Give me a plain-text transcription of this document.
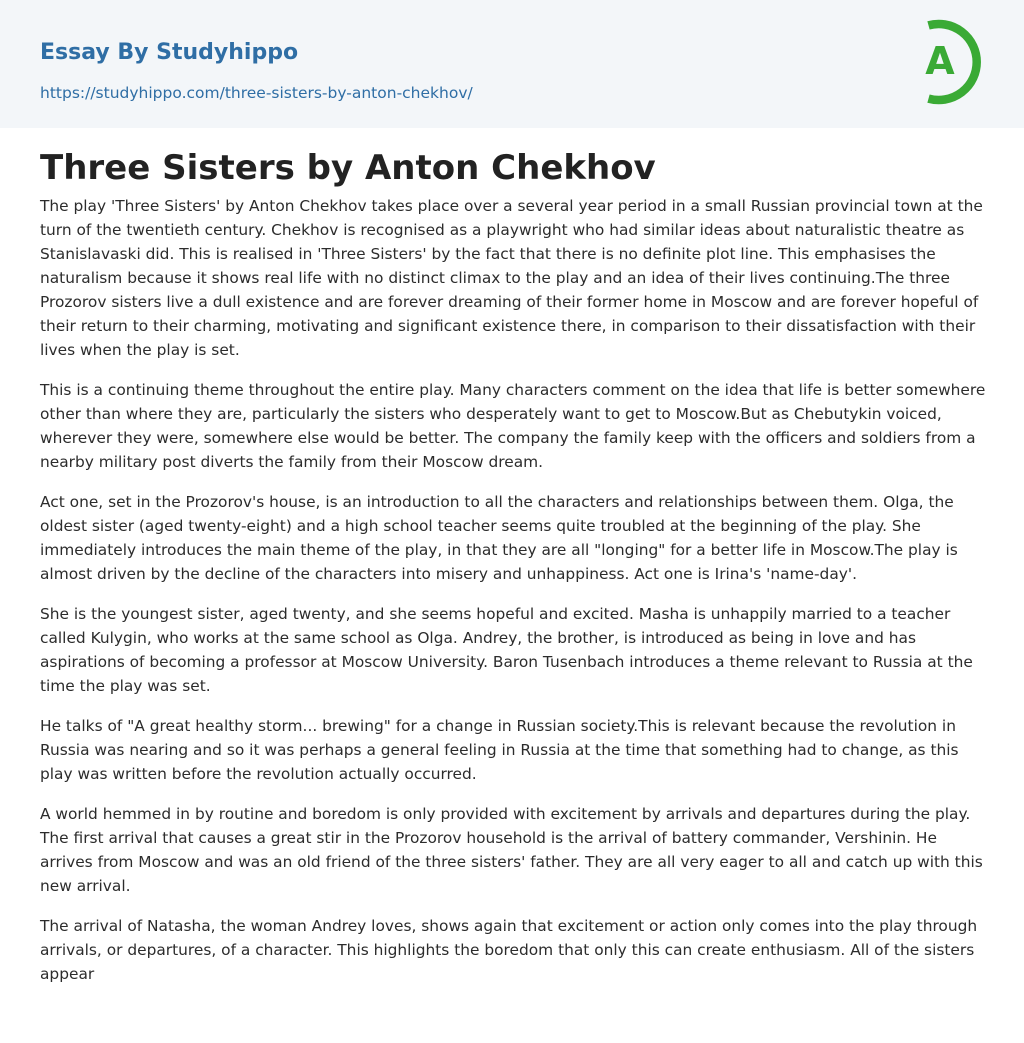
Essay By Studyhippo
https://studyhippo.com/three-sisters-by-anton-chekhov/
A
Three Sisters by Anton Chekhov

The play 'Three Sisters' by Anton Chekhov takes place over a several year period in a small Russian provincial town at the turn of the twentieth century. Chekhov is recognised as a playwright who had similar ideas about naturalistic theatre as Stanislavaski did. This is realised in 'Three Sisters' by the fact that there is no definite plot line. This emphasises the naturalism because it shows real life with no distinct climax to the play and an idea of their lives continuing.The three Prozorov sisters live a dull existence and are forever dreaming of their former home in Moscow and are forever hopeful of their return to their charming, motivating and significant existence there, in comparison to their dissatisfaction with their lives when the play is set.

This is a continuing theme throughout the entire play. Many characters comment on the idea that life is better somewhere other than where they are, particularly the sisters who desperately want to get to Moscow.But as Chebutykin voiced, wherever they were, somewhere else would be better. The company the family keep with the officers and soldiers from a nearby military post diverts the family from their Moscow dream.

Act one, set in the Prozorov's house, is an introduction to all the characters and relationships between them. Olga, the oldest sister (aged twenty-eight) and a high school teacher seems quite troubled at the beginning of the play. She immediately introduces the main theme of the play, in that they are all "longing" for a better life in Moscow.The play is almost driven by the decline of the characters into misery and unhappiness. Act one is Irina's 'name-day'.

She is the youngest sister, aged twenty, and she seems hopeful and excited. Masha is unhappily married to a teacher called Kulygin, who works at the same school as Olga. Andrey, the brother, is introduced as being in love and has aspirations of becoming a professor at Moscow University. Baron Tusenbach introduces a theme relevant to Russia at the time the play was set.

He talks of "A great healthy storm... brewing" for a change in Russian society.This is relevant because the revolution in Russia was nearing and so it was perhaps a general feeling in Russia at the time that something had to change, as this play was written before the revolution actually occurred.

A world hemmed in by routine and boredom is only provided with excitement by arrivals and departures during the play. The first arrival that causes a great stir in the Prozorov household is the arrival of battery commander, Vershinin. He arrives from Moscow and was an old friend of the three sisters' father. They are all very eager to all and catch up with this new arrival.

The arrival of Natasha, the woman Andrey loves, shows again that excitement or action only comes into the play through arrivals, or departures, of a character. This highlights the boredom that only this can create enthusiasm. All of the sisters appear
